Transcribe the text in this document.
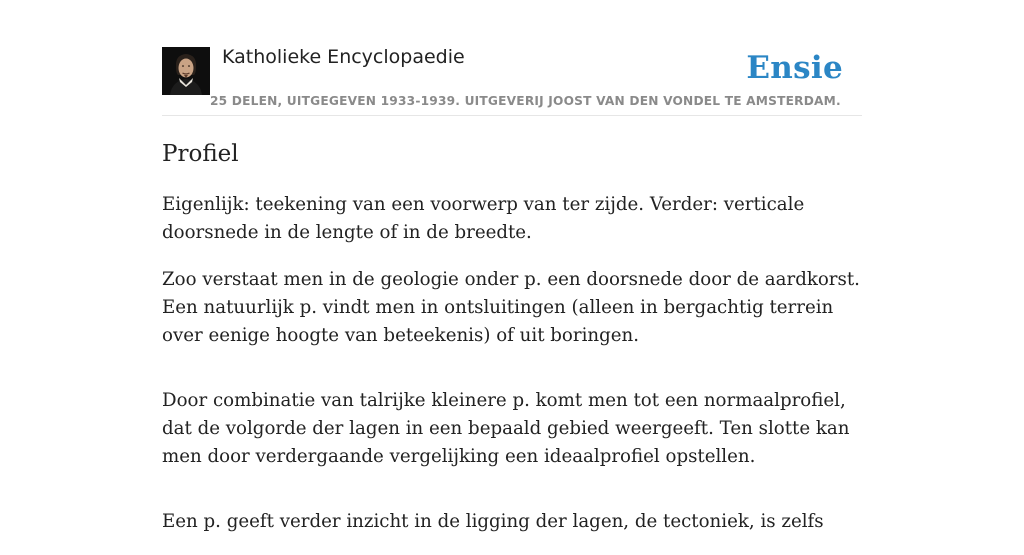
Katholieke Encyclopaedie
25 DELEN, UITGEGEVEN 1933-1939. UITGEVERIJ JOOST VAN DEN VONDEL TE AMSTERDAM.
Ensie
Profiel

Eigenlijk: teekening van een voorwerp van ter zijde. Verder: verticale doorsnede in de lengte of in de breedte.

Zoo verstaat men in de geologie onder p. een doorsnede door de aardkorst. Een natuurlijk p. vindt men in ontsluitingen (alleen in bergachtig terrein over eenige hoogte van beteekenis) of uit boringen.

Door combinatie van talrijke kleinere p. komt men tot een normaalprofiel, dat de volgorde der lagen in een bepaald gebied weergeeft. Ten slotte kan men door verdergaande vergelijking een ideaalprofiel opstellen.

Een p. geeft verder inzicht in de ligging der lagen, de tectoniek, is zelfs
